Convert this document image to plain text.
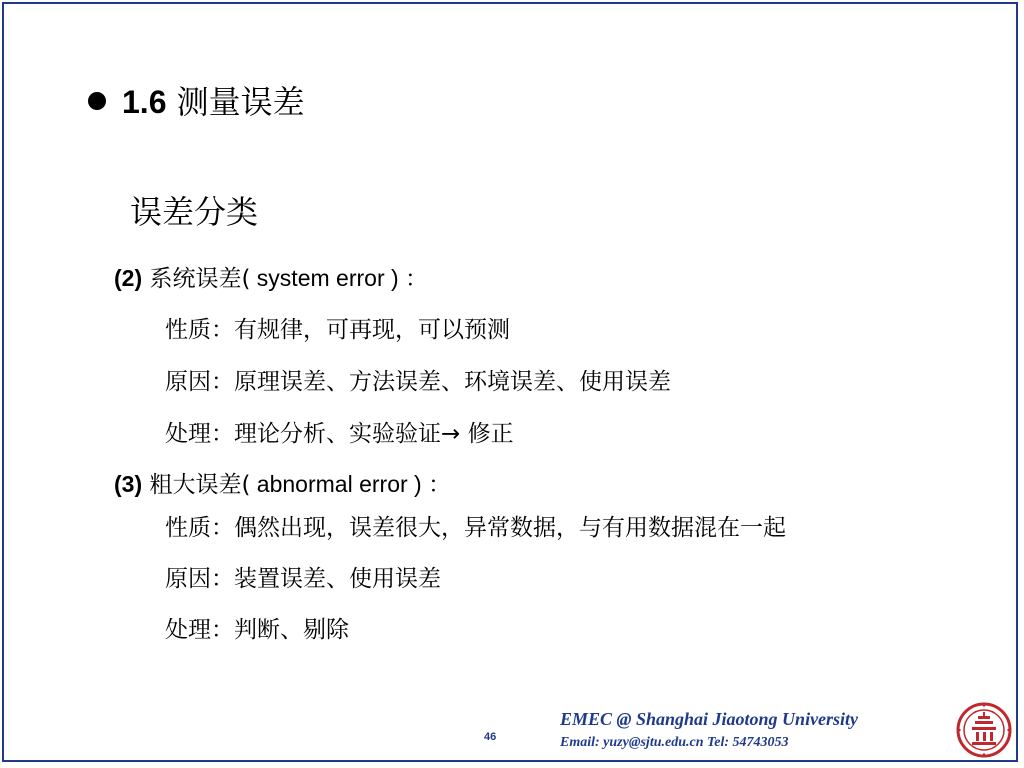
1.6 测量误差
误差分类
(2) 系统误差( system error ) ：
性质：有规律，可再现，可以预测
原因：原理误差、方法误差、环境误差、使用误差
处理：理论分析、实验验证→ 修正
(3) 粗大误差( abnormal error ) ：
性质：偶然出现，误差很大，异常数据，与有用数据混在一起
原因：装置误差、使用误差
处理：判断、剔除
46
EMEC @ Shanghai Jiaotong University
Email: yuzy@sjtu.edu.cn Tel: 54743053
